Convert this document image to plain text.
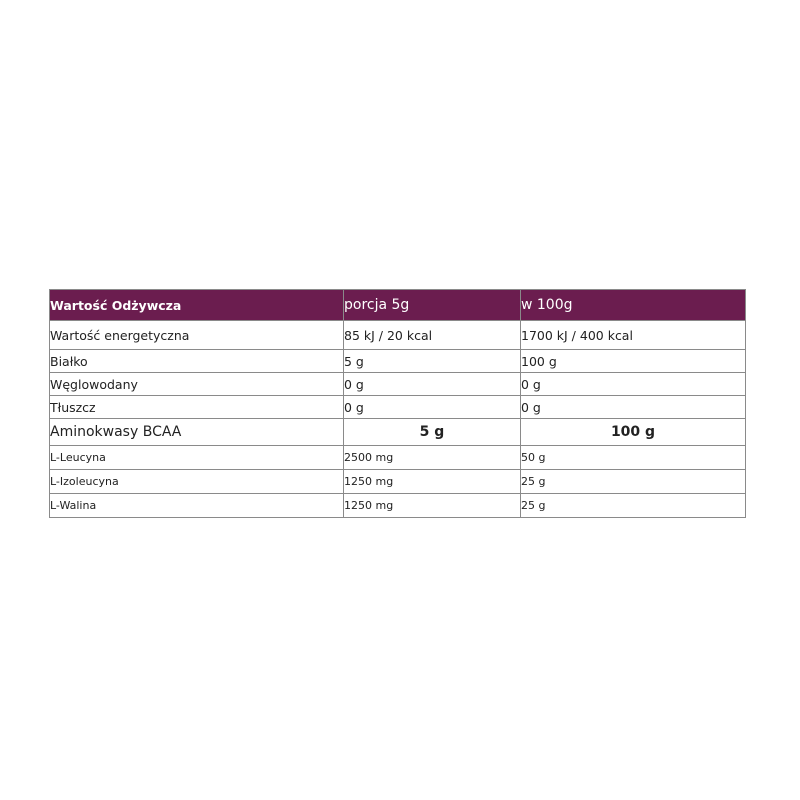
Wartość Odżywcza	porcja 5g	w 100g
Wartość energetyczna	85 kJ / 20 kcal	1700 kJ / 400 kcal
Białko	5 g	100 g
Węglowodany	0 g	0 g
Tłuszcz	0 g	0 g
Aminokwasy BCAA	5 g	100 g
L-Leucyna	2500 mg	50 g
L-Izoleucyna	1250 mg	25 g
L-Walina	1250 mg	25 g
